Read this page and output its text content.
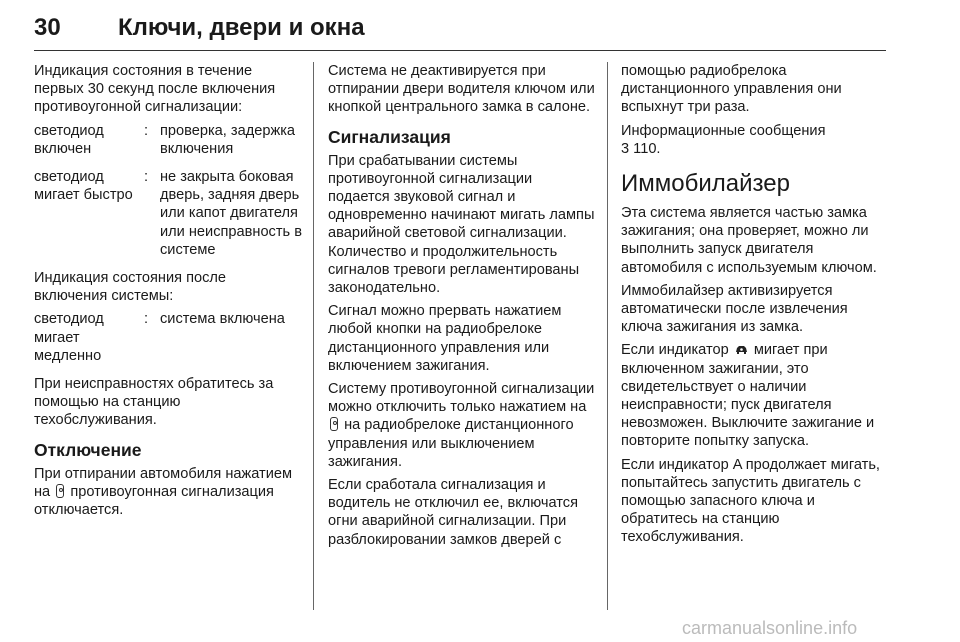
30 Ключи, двери и окна

Индикация состояния в течение первых 30 секунд после включения противоугонной сигнализации:

светодиод включен
: проверка, задержка включения
светодиод мигает быстро
: не закрыта боковая дверь, задняя дверь или капот двигателя или неисправность в системе

Индикация состояния после включения системы:

светодиод мигает медленно
: система включена

При неисправностях обратитесь за помощью на станцию техобслуживания.

Отключение

При отпирании автомобиля нажатием на противоугонная сигнализация отключается.

Система не деактивируется при отпирании двери водителя ключом или кнопкой центрального замка в салоне.

Сигнализация

При срабатывании системы противоугонной сигнализации подается звуковой сигнал и одновременно начинают мигать лампы аварийной световой сигнализации. Количество и продолжительность сигналов тревоги регламентированы законодательно.

Сигнал можно прервать нажатием любой кнопки на радиобрелоке дистанционного управления или включением зажигания.

Систему противоугонной сигнализации можно отключить только нажатием на  на радиобрелоке дистанционного управления или выключением зажигания.

Если сработала сигнализация и водитель не отключил ее, включатся огни аварийной сигнализации. При разблокировании замков дверей с

помощью радиобрелока дистанционного управления они вспыхнут три раза.

Информационные сообщения
3 110.

Иммобилайзер

Эта система является частью замка зажигания; она проверяет, можно ли выполнить запуск двигателя автомобиля с используемым ключом.

Иммобилайзер активизируется автоматически после извлечения ключа зажигания из замка.

Если индикатор мигает при включенном зажигании, это свидетельствует о наличии неисправности; пуск двигателя невозможен. Выключите зажигание и повторите попытку запуска.

Если индикатор A продолжает мигать, попытайтесь запустить двигатель с помощью запасного ключа и обратитесь на станцию техобслуживания.

carmanualsonline.info
